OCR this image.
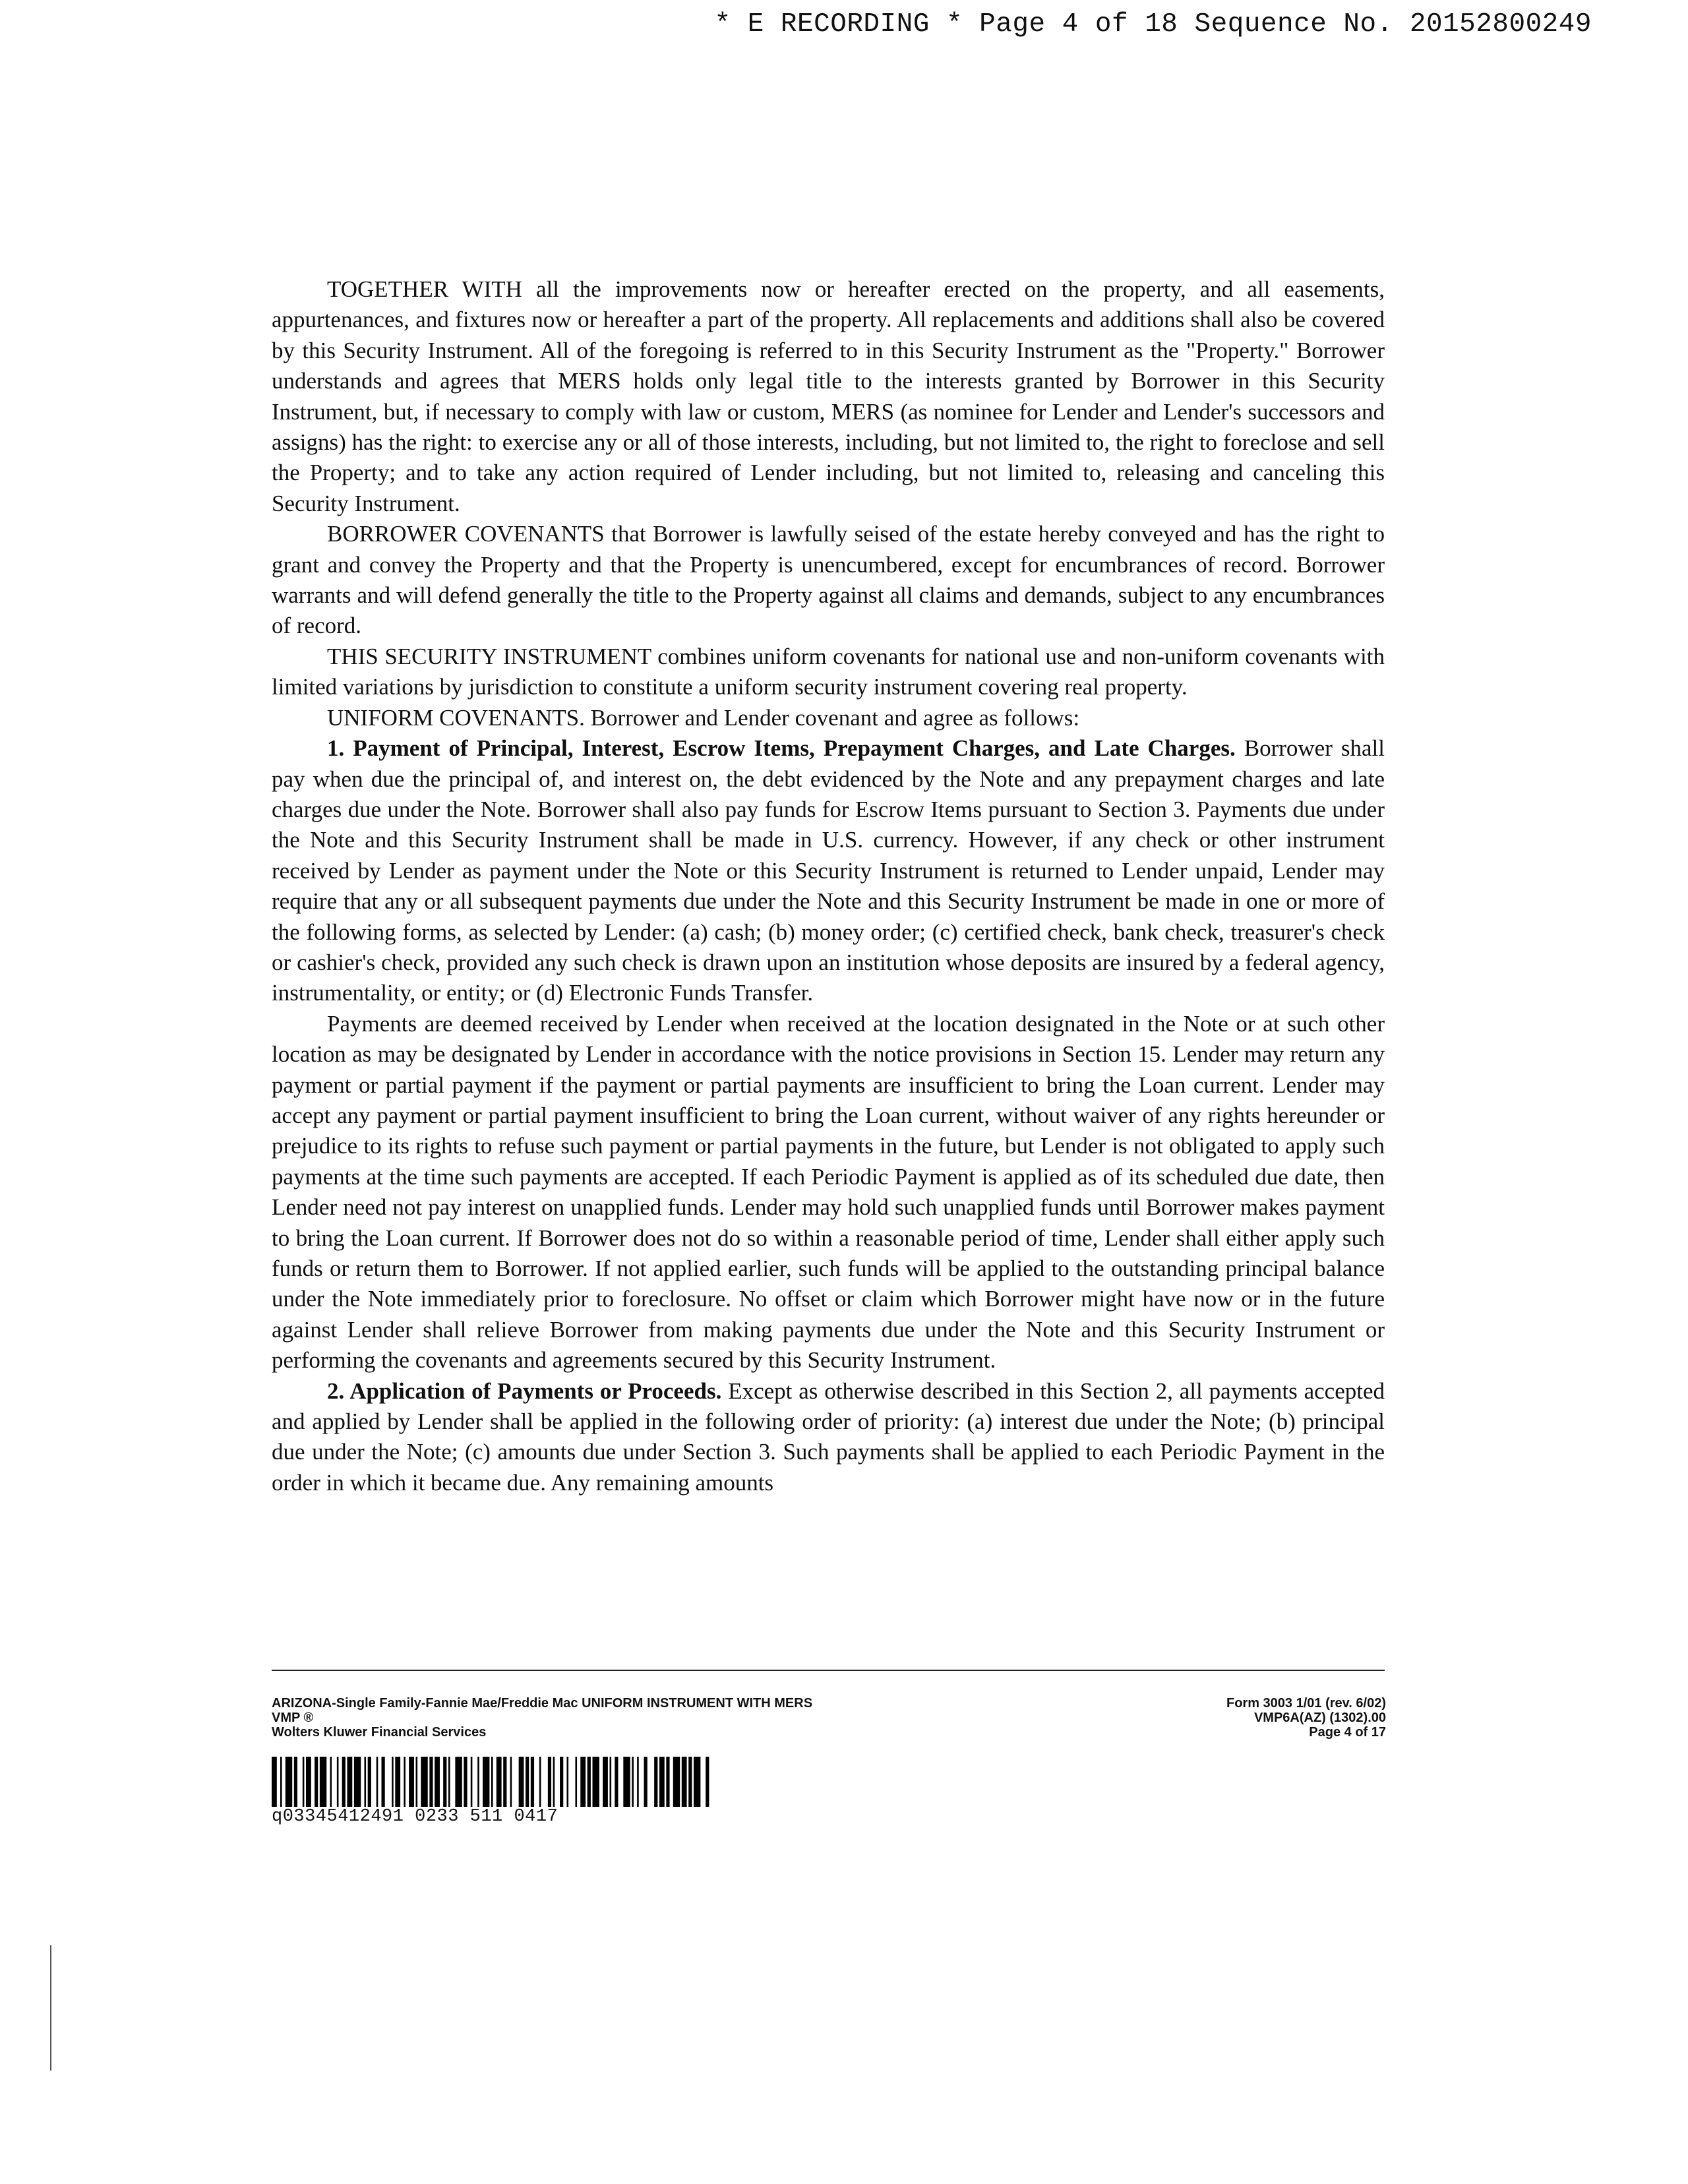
* E RECORDING * Page 4 of 18 Sequence No. 20152800249

TOGETHER WITH all the improvements now or hereafter erected on the property, and all easements, appurtenances, and fixtures now or hereafter a part of the property. All replacements and additions shall also be covered by this Security Instrument. All of the foregoing is referred to in this Security Instrument as the "Property." Borrower understands and agrees that MERS holds only legal title to the interests granted by Borrower in this Security Instrument, but, if necessary to comply with law or custom, MERS (as nominee for Lender and Lender's successors and assigns) has the right: to exercise any or all of those interests, including, but not limited to, the right to foreclose and sell the Property; and to take any action required of Lender including, but not limited to, releasing and canceling this Security Instrument.

BORROWER COVENANTS that Borrower is lawfully seised of the estate hereby conveyed and has the right to grant and convey the Property and that the Property is unencumbered, except for encumbrances of record. Borrower warrants and will defend generally the title to the Property against all claims and demands, subject to any encumbrances of record.

THIS SECURITY INSTRUMENT combines uniform covenants for national use and non-uniform covenants with limited variations by jurisdiction to constitute a uniform security instrument covering real property.

UNIFORM COVENANTS. Borrower and Lender covenant and agree as follows:

1. Payment of Principal, Interest, Escrow Items, Prepayment Charges, and Late Charges. Borrower shall pay when due the principal of, and interest on, the debt evidenced by the Note and any prepayment charges and late charges due under the Note. Borrower shall also pay funds for Escrow Items pursuant to Section 3. Payments due under the Note and this Security Instrument shall be made in U.S. currency. However, if any check or other instrument received by Lender as payment under the Note or this Security Instrument is returned to Lender unpaid, Lender may require that any or all subsequent payments due under the Note and this Security Instrument be made in one or more of the following forms, as selected by Lender: (a) cash; (b) money order; (c) certified check, bank check, treasurer's check or cashier's check, provided any such check is drawn upon an institution whose deposits are insured by a federal agency, instrumentality, or entity; or (d) Electronic Funds Transfer.

Payments are deemed received by Lender when received at the location designated in the Note or at such other location as may be designated by Lender in accordance with the notice provisions in Section 15. Lender may return any payment or partial payment if the payment or partial payments are insufficient to bring the Loan current. Lender may accept any payment or partial payment insufficient to bring the Loan current, without waiver of any rights hereunder or prejudice to its rights to refuse such payment or partial payments in the future, but Lender is not obligated to apply such payments at the time such payments are accepted. If each Periodic Payment is applied as of its scheduled due date, then Lender need not pay interest on unapplied funds. Lender may hold such unapplied funds until Borrower makes payment to bring the Loan current. If Borrower does not do so within a reasonable period of time, Lender shall either apply such funds or return them to Borrower. If not applied earlier, such funds will be applied to the outstanding principal balance under the Note immediately prior to foreclosure. No offset or claim which Borrower might have now or in the future against Lender shall relieve Borrower from making payments due under the Note and this Security Instrument or performing the covenants and agreements secured by this Security Instrument.

2. Application of Payments or Proceeds. Except as otherwise described in this Section 2, all payments accepted and applied by Lender shall be applied in the following order of priority: (a) interest due under the Note; (b) principal due under the Note; (c) amounts due under Section 3. Such payments shall be applied to each Periodic Payment in the order in which it became due. Any remaining amounts

ARIZONA-Single Family-Fannie Mae/Freddie Mac UNIFORM INSTRUMENT WITH MERS
VMP ®
Wolters Kluwer Financial Services
Form 3003 1/01 (rev. 6/02)
VMP6A(AZ) (1302).00
Page 4 of 17
q03345412491 0233 511 0417
